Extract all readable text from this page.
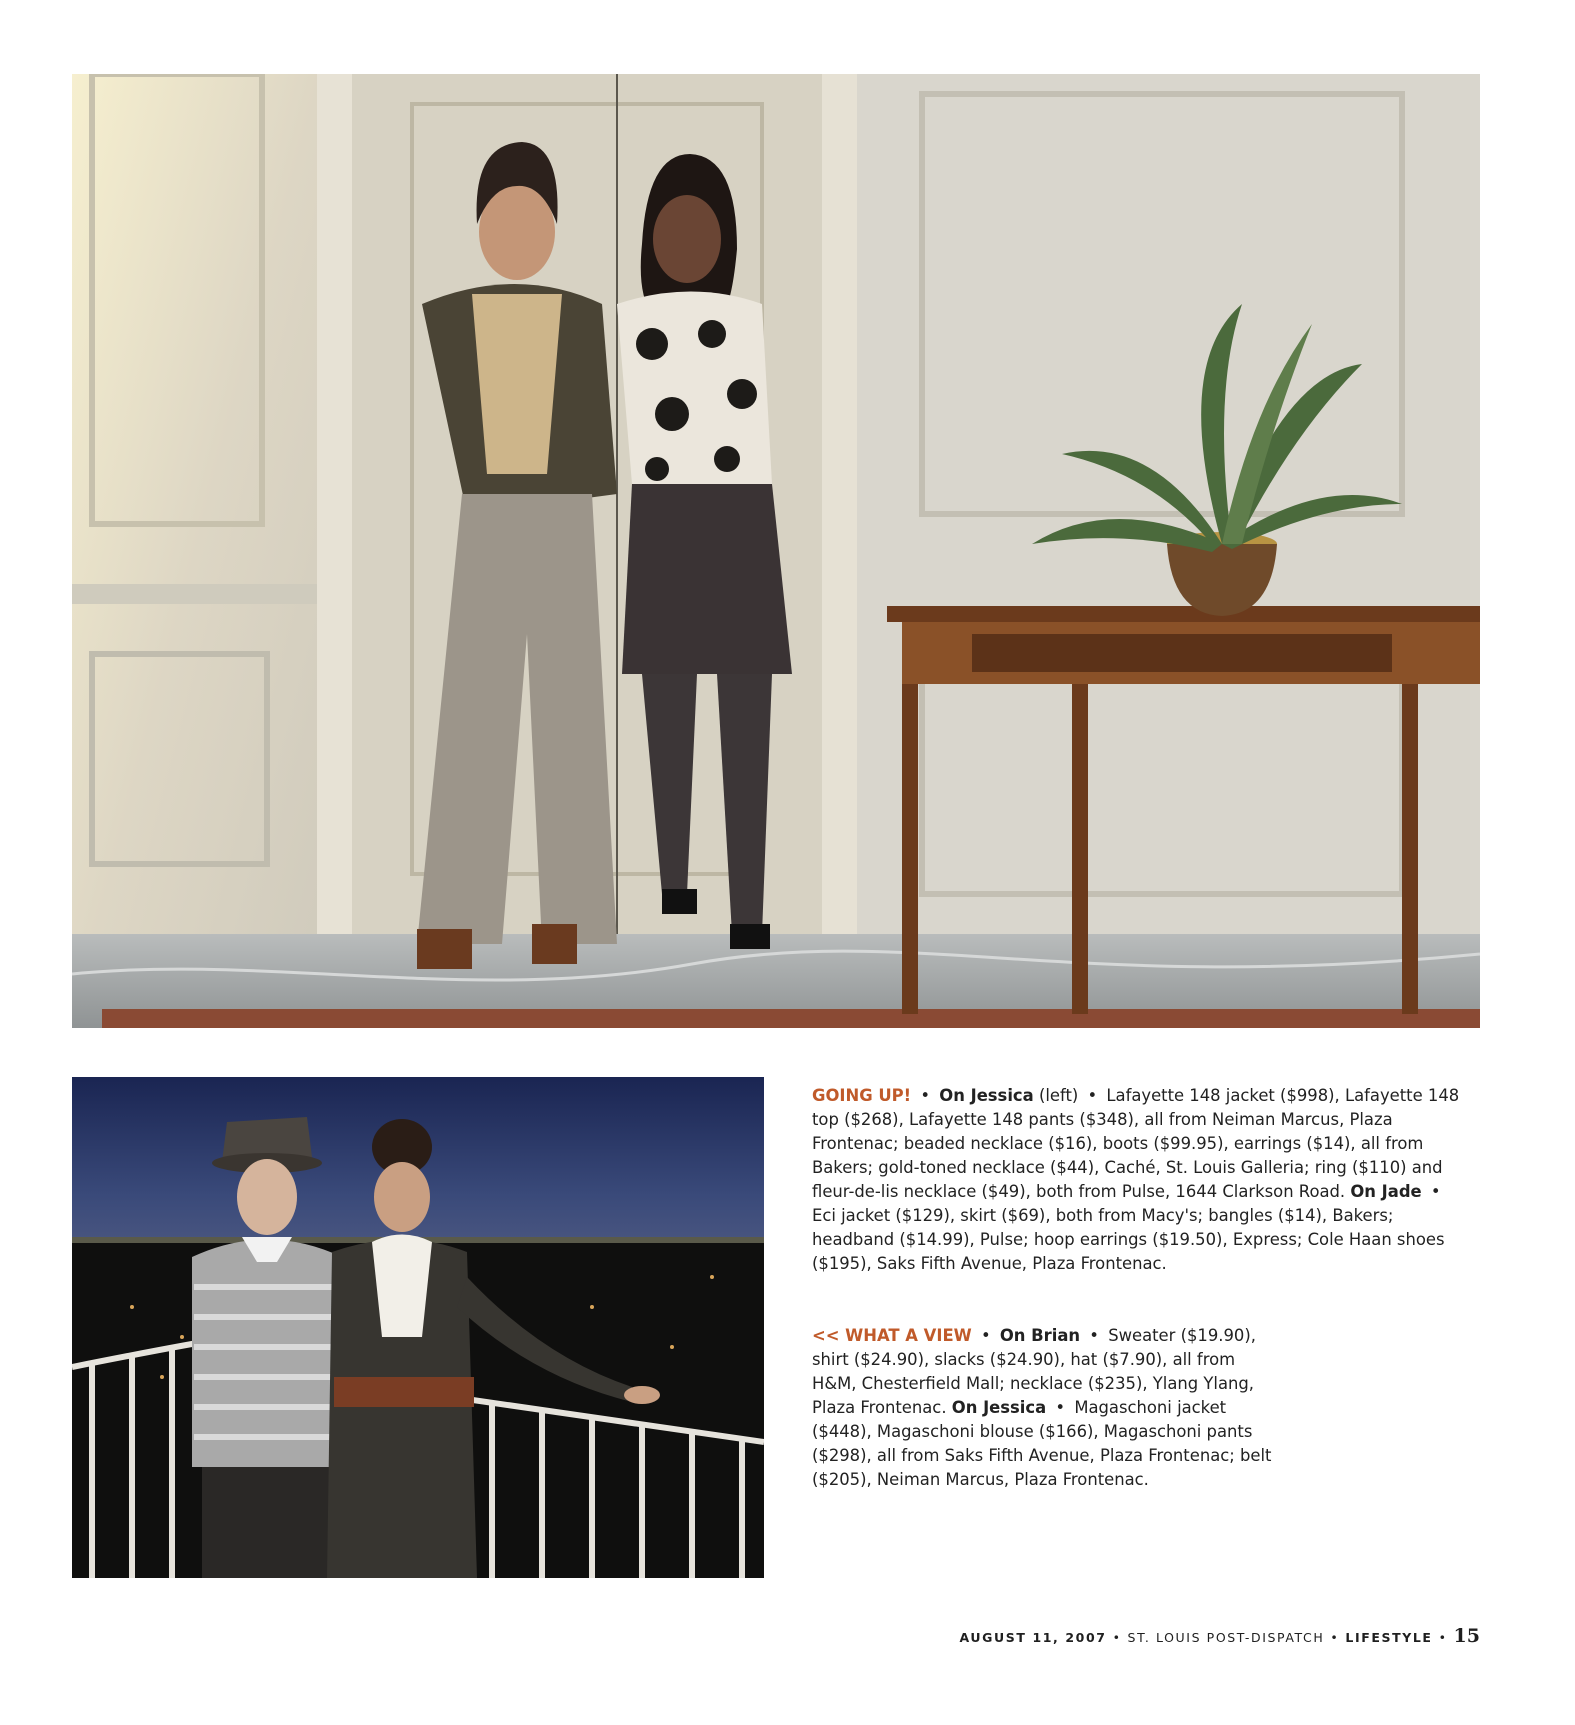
GOING UP! • On Jessica (left) • Lafayette 148 jacket ($998), Lafayette 148 top ($268), Lafayette 148 pants ($348), all from Neiman Marcus, Plaza Frontenac; beaded necklace ($16), boots ($99.95), earrings ($14), all from Bakers; gold-toned necklace ($44), Caché, St. Louis Galleria; ring ($110) and fleur-de-lis necklace ($49), both from Pulse, 1644 Clarkson Road. On Jade • Eci jacket ($129), skirt ($69), both from Macy's; bangles ($14), Bakers; headband ($14.99), Pulse; hoop earrings ($19.50), Express; Cole Haan shoes ($195), Saks Fifth Avenue, Plaza Frontenac.
<< WHAT A VIEW • On Brian • Sweater ($19.90), shirt ($24.90), slacks ($24.90), hat ($7.90), all from H&M, Chesterfield Mall; necklace ($235), Ylang Ylang, Plaza Frontenac. On Jessica • Magaschoni jacket ($448), Magaschoni blouse ($166), Magaschoni pants ($298), all from Saks Fifth Avenue, Plaza Frontenac; belt ($205), Neiman Marcus, Plaza Frontenac.
AUGUST 11, 2007 • ST. LOUIS POST-DISPATCH • LIFESTYLE • 15
